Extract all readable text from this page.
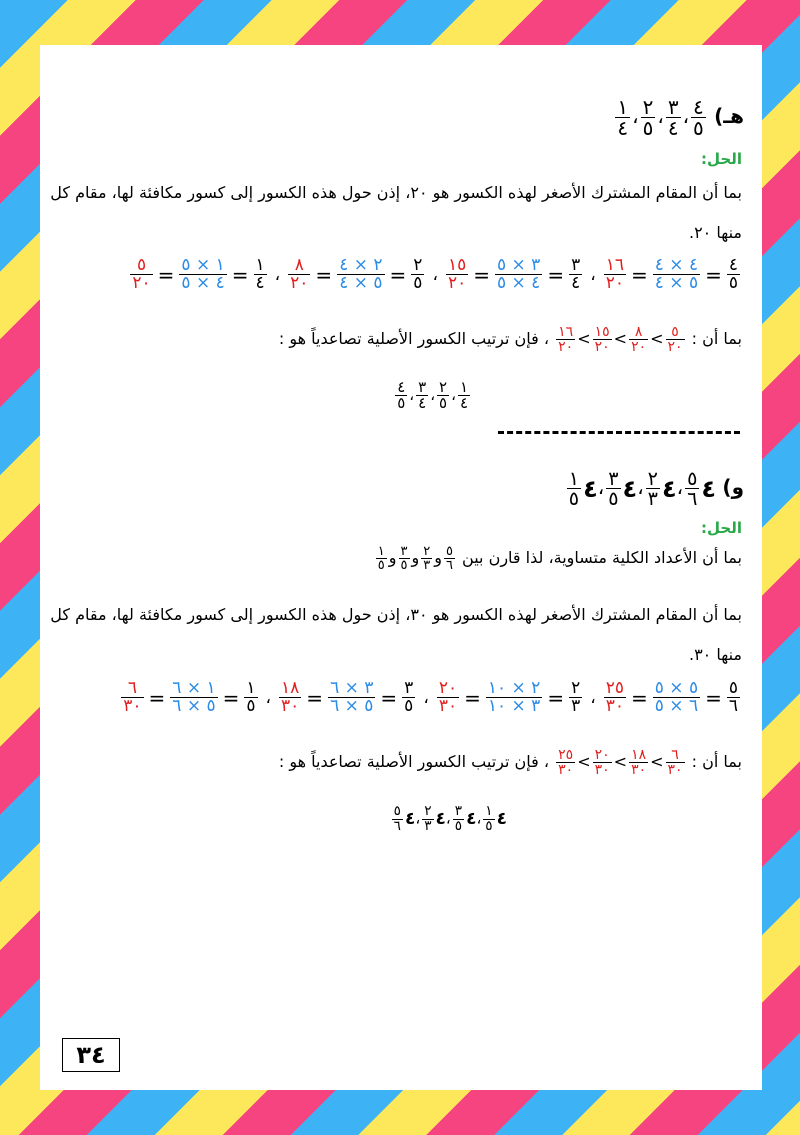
هـ)
$\frac{٤}{٥}$
،
$\frac{٣}{٤}$
،
$\frac{٢}{٥}$
،
$\frac{١}{٤}$
الحل:
بما أن المقام المشترك الأصغر لهذه الكسور هو ٢٠، إذن حول هذه الكسور إلى كسور مكافئة لها، مقام كل منها ٢٠.
$\frac{٤}{٥}$
=
$\frac{٤ \times ٤}{٥ \times ٤}$
=
$\frac{١٦}{٢٠}$
،
$\frac{٣}{٤}$
=
$\frac{٣ \times ٥}{٤ \times ٥}$
=
$\frac{١٥}{٢٠}$
،
$\frac{٢}{٥}$
=
$\frac{٢ \times ٤}{٥ \times ٤}$
=
$\frac{٨}{٢٠}$
،
$\frac{١}{٤}$
=
$\frac{١ \times ٥}{٤ \times ٥}$
=
$\frac{٥}{٢٠}$
بما أن :
$\frac{٥}{٢٠}$
>
$\frac{٨}{٢٠}$
>
$\frac{١٥}{٢٠}$
>
$\frac{١٦}{٢٠}$
، فإن ترتيب الكسور الأصلية تصاعدياً هو :
$\frac{١}{٤}$
،
$\frac{٢}{٥}$
،
$\frac{٣}{٤}$
،
$\frac{٤}{٥}$
و)
٤
$\frac{٥}{٦}$
،
٤
$\frac{٢}{٣}$
،
٤
$\frac{٣}{٥}$
،
٤
$\frac{١}{٥}$
الحل:
بما أن الأعداد الكلية متساوية، لذا قارن بين
$\frac{٥}{٦}$
و
$\frac{٢}{٣}$
و
$\frac{٣}{٥}$
و
$\frac{١}{٥}$
بما أن المقام المشترك الأصغر لهذه الكسور هو ٣٠، إذن حول هذه الكسور إلى كسور مكافئة لها، مقام كل منها ٣٠.
$\frac{٥}{٦}$
=
$\frac{٥ \times ٥}{٦ \times ٥}$
=
$\frac{٢٥}{٣٠}$
،
$\frac{٢}{٣}$
=
$\frac{٢ \times ١٠}{٣ \times ١٠}$
=
$\frac{٢٠}{٣٠}$
،
$\frac{٣}{٥}$
=
$\frac{٣ \times ٦}{٥ \times ٦}$
=
$\frac{١٨}{٣٠}$
،
$\frac{١}{٥}$
=
$\frac{١ \times ٦}{٥ \times ٦}$
=
$\frac{٦}{٣٠}$
بما أن :
$\frac{٦}{٣٠}$
>
$\frac{١٨}{٣٠}$
>
$\frac{٢٠}{٣٠}$
>
$\frac{٢٥}{٣٠}$
، فإن ترتيب الكسور الأصلية تصاعدياً هو :
٤
$\frac{١}{٥}$
،
٤
$\frac{٣}{٥}$
،
٤
$\frac{٢}{٣}$
،
٤
$\frac{٥}{٦}$
٣٤
